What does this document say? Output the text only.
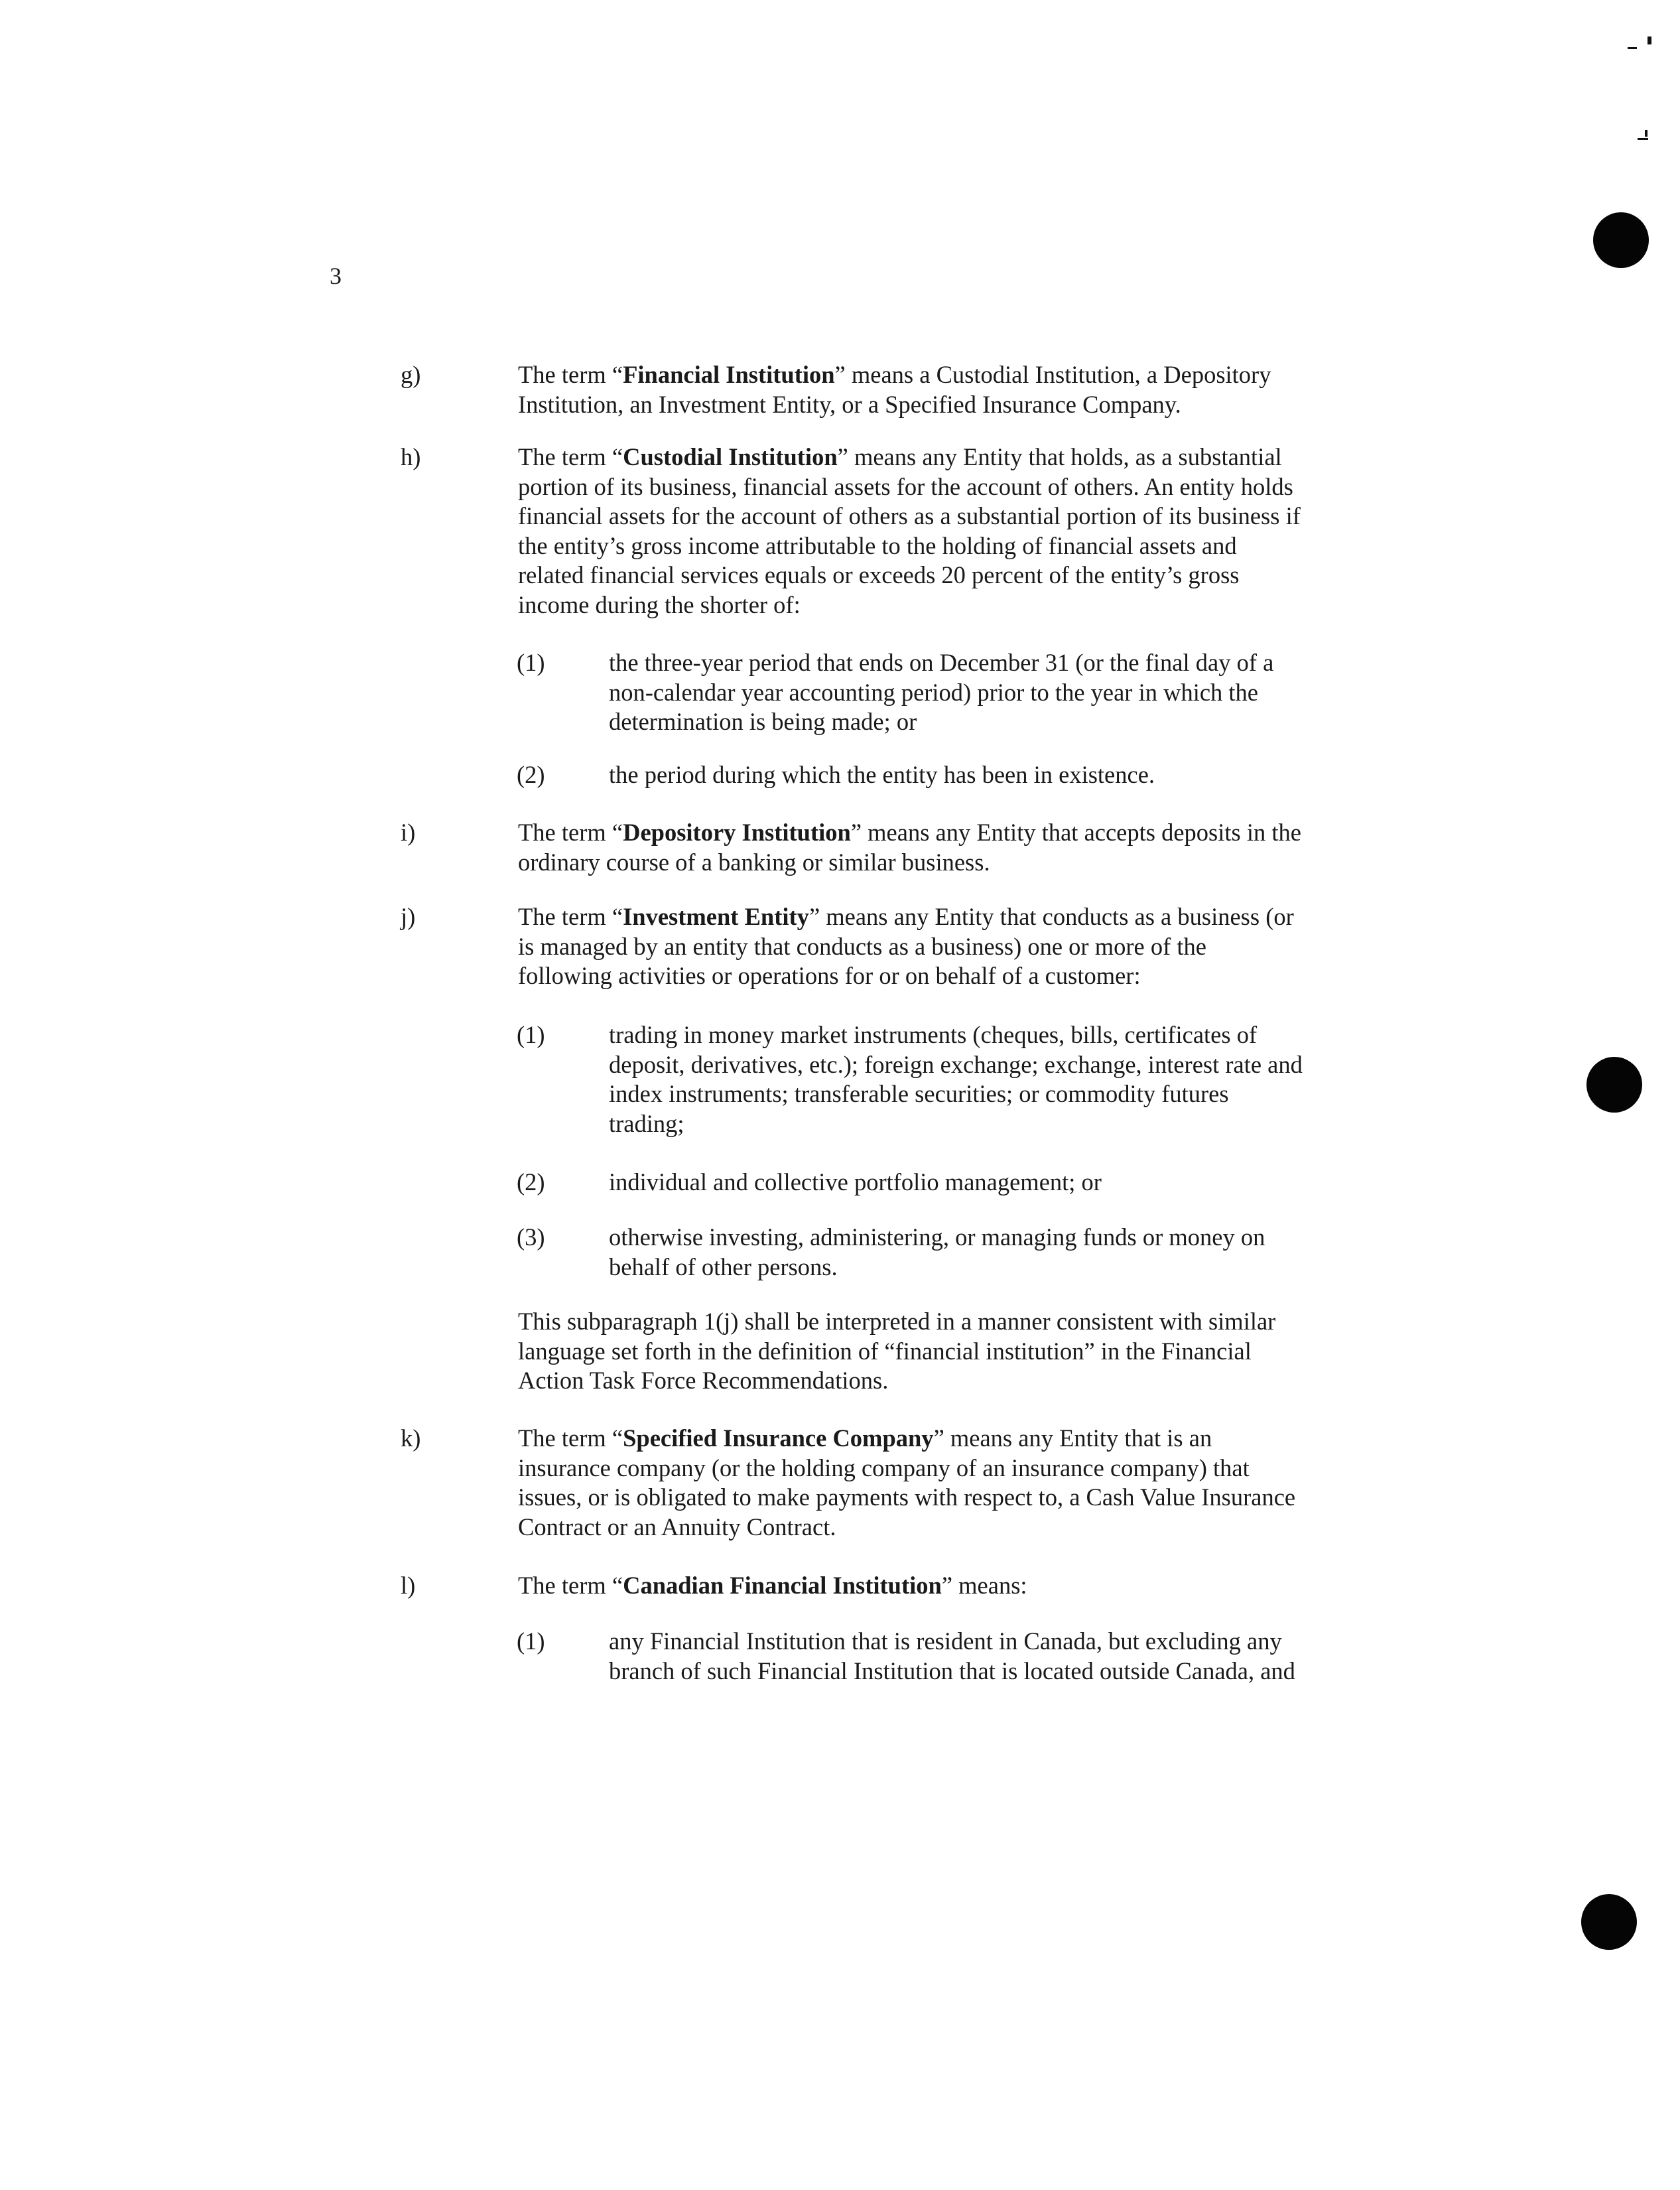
3
g)	The term “Financial Institution” means a Custodial Institution, a Depository
Institution, an Investment Entity, or a Specified Insurance Company.
h)	The term “Custodial Institution” means any Entity that holds, as a substantial
portion of its business, financial assets for the account of others. An entity holds
financial assets for the account of others as a substantial portion of its business if
the entity’s gross income attributable to the holding of financial assets and
related financial services equals or exceeds 20 percent of the entity’s gross
income during the shorter of:
(1)	the three-year period that ends on December 31 (or the final day of a
non-calendar year accounting period) prior to the year in which the
determination is being made; or
(2)	the period during which the entity has been in existence.
i)	The term “Depository Institution” means any Entity that accepts deposits in the
ordinary course of a banking or similar business.
j)	The term “Investment Entity” means any Entity that conducts as a business (or
is managed by an entity that conducts as a business) one or more of the
following activities or operations for or on behalf of a customer:
(1)	trading in money market instruments (cheques, bills, certificates of
deposit, derivatives, etc.); foreign exchange; exchange, interest rate and
index instruments; transferable securities; or commodity futures
trading;
(2)	individual and collective portfolio management; or
(3)	otherwise investing, administering, or managing funds or money on
behalf of other persons.
This subparagraph 1(j) shall be interpreted in a manner consistent with similar
language set forth in the definition of “financial institution” in the Financial
Action Task Force Recommendations.
k)	The term “Specified Insurance Company” means any Entity that is an
insurance company (or the holding company of an insurance company) that
issues, or is obligated to make payments with respect to, a Cash Value Insurance
Contract or an Annuity Contract.
l)	The term “Canadian Financial Institution” means:
(1)	any Financial Institution that is resident in Canada, but excluding any
branch of such Financial Institution that is located outside Canada, and
